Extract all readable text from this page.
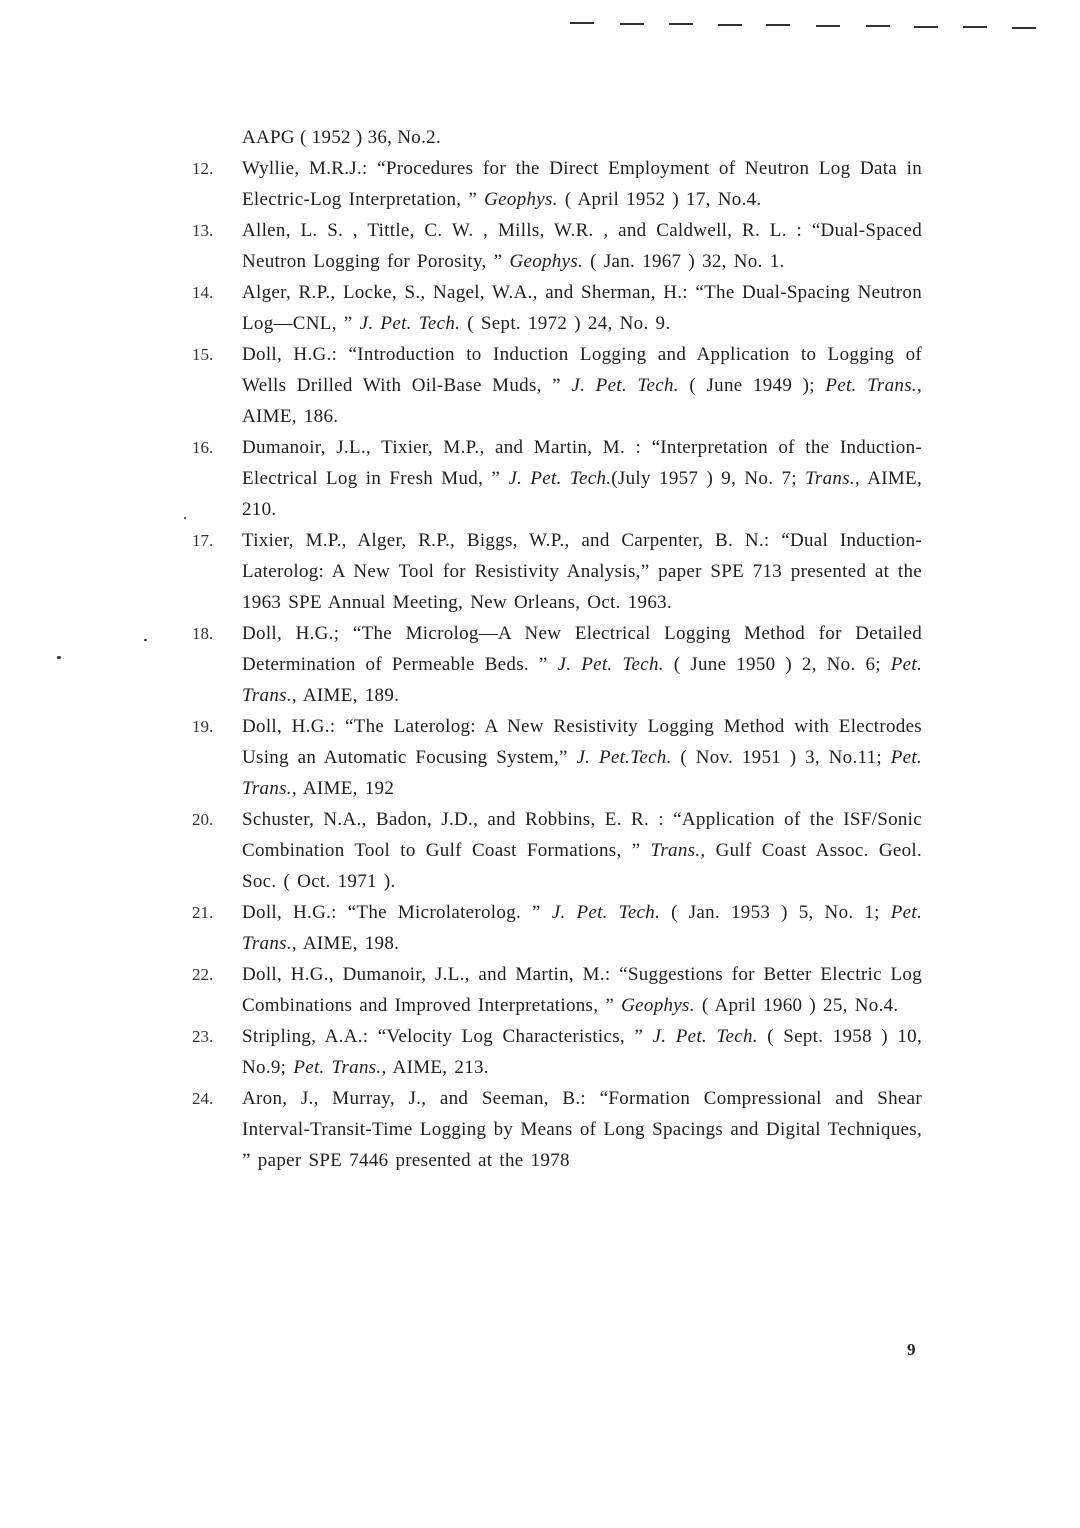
AAPG ( 1952 ) 36, No.2.

12.	Wyllie, M.R.J.: “Procedures for the Direct Employment of Neutron Log Data in Electric-Log Interpretation, ” Geophys. ( April 1952 ) 17, No.4.

13.	Allen, L. S. , Tittle, C. W. , Mills, W.R. , and Caldwell, R. L. : “Dual-Spaced Neutron Logging for Porosity, ” Geophys. ( Jan. 1967 ) 32, No. 1.

14.	Alger, R.P., Locke, S., Nagel, W.A., and Sherman, H.: “The Dual-Spacing Neutron Log—CNL, ” J. Pet. Tech. ( Sept. 1972 ) 24, No. 9.

15.	Doll, H.G.: “Introduction to Induction Logging and Application to Logging of Wells Drilled With Oil-Base Muds, ” J. Pet. Tech. ( June 1949 ); Pet. Trans., AIME, 186.

16.	Dumanoir, J.L., Tixier, M.P., and Martin, M. : “Interpretation of the Induction-Electrical Log in Fresh Mud, ” J. Pet. Tech.(July 1957 ) 9, No. 7; Trans., AIME, 210.

17.	Tixier, M.P., Alger, R.P., Biggs, W.P., and Carpenter, B. N.: “Dual Induction-Laterolog: A New Tool for Resistivity Analysis,” paper SPE 713 presented at the 1963 SPE Annual Meeting, New Orleans, Oct. 1963.

18.	Doll, H.G.; “The Microlog—A New Electrical Logging Method for Detailed Determination of Permeable Beds. ” J. Pet. Tech. ( June 1950 ) 2, No. 6; Pet. Trans., AIME, 189.

19.	Doll, H.G.: “The Laterolog: A New Resistivity Logging Method with Electrodes Using an Automatic Focusing System,” J. Pet.Tech. ( Nov. 1951 ) 3, No.11; Pet. Trans., AIME, 192

20.	Schuster, N.A., Badon, J.D., and Robbins, E. R. : “Application of the ISF/Sonic Combination Tool to Gulf Coast Formations, ” Trans., Gulf Coast Assoc. Geol. Soc. ( Oct. 1971 ).

21.	Doll, H.G.: “The Microlaterolog. ” J. Pet. Tech. ( Jan. 1953 ) 5, No. 1; Pet. Trans., AIME, 198.

22.	Doll, H.G., Dumanoir, J.L., and Martin, M.: “Suggestions for Better Electric Log Combinations and Improved Interpretations, ” Geophys. ( April 1960 ) 25, No.4.

23.	Stripling, A.A.: “Velocity Log Characteristics, ” J. Pet. Tech. ( Sept. 1958 ) 10, No.9; Pet. Trans., AIME, 213.

24.	Aron, J., Murray, J., and Seeman, B.: “Formation Compressional and Shear Interval-Transit-Time Logging by Means of Long Spacings and Digital Techniques, ” paper SPE 7446 presented at the 1978

9
